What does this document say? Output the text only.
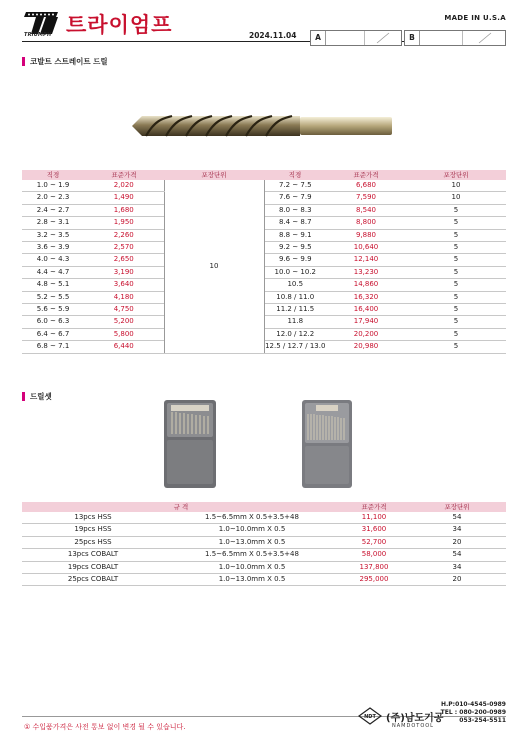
TRIUMPH 트라이엄프	MADE IN U.S.A
2024.11.04	A	B
코발트 스트레이트 드릴
직경	표준가격	포장단위	직경	표준가격	포장단위
1.0 ~ 1.9	2,020	10	7.2 ~ 7.5	6,680	10
2.0 ~ 2.3	1,490		7.6 ~ 7.9	7,590	10
2.4 ~ 2.7	1,680		8.0 ~ 8.3	8,540	5
2.8 ~ 3.1	1,950		8.4 ~ 8.7	8,800	5
3.2 ~ 3.5	2,260		8.8 ~ 9.1	9,880	5
3.6 ~ 3.9	2,570		9.2 ~ 9.5	10,640	5
4.0 ~ 4.3	2,650		9.6 ~ 9.9	12,140	5
4.4 ~ 4.7	3,190		10.0 ~ 10.2	13,230	5
4.8 ~ 5.1	3,640		10.5	14,860	5
5.2 ~ 5.5	4,180		10.8 / 11.0	16,320	5
5.6 ~ 5.9	4,750		11.2 / 11.5	16,400	5
6.0 ~ 6.3	5,200		11.8	17,940	5
6.4 ~ 6.7	5,800		12.0 / 12.2	20,200	5
6.8 ~ 7.1	6,440		12.5 / 12.7 / 13.0	20,980	5
드릴셋
규 격		표준가격	포장단위
13pcs HSS	1.5~6.5mm X 0.5+3.5+48	11,100	54
19pcs HSS	1.0~10.0mm X 0.5	31,600	34
25pcs HSS	1.0~13.0mm X 0.5	52,700	20
13pcs COBALT	1.5~6.5mm X 0.5+3.5+48	58,000	54
19pcs COBALT	1.0~10.0mm X 0.5	137,800	34
25pcs COBALT	1.0~13.0mm X 0.5	295,000	20
① 수입품가격은 사전 통보 없이 변경 될 수 있습니다.
NDT (주)남도기공
NAMDOTOOL
H.P:010-4545-0989
TEL : 080-200-0989
053-254-5511
